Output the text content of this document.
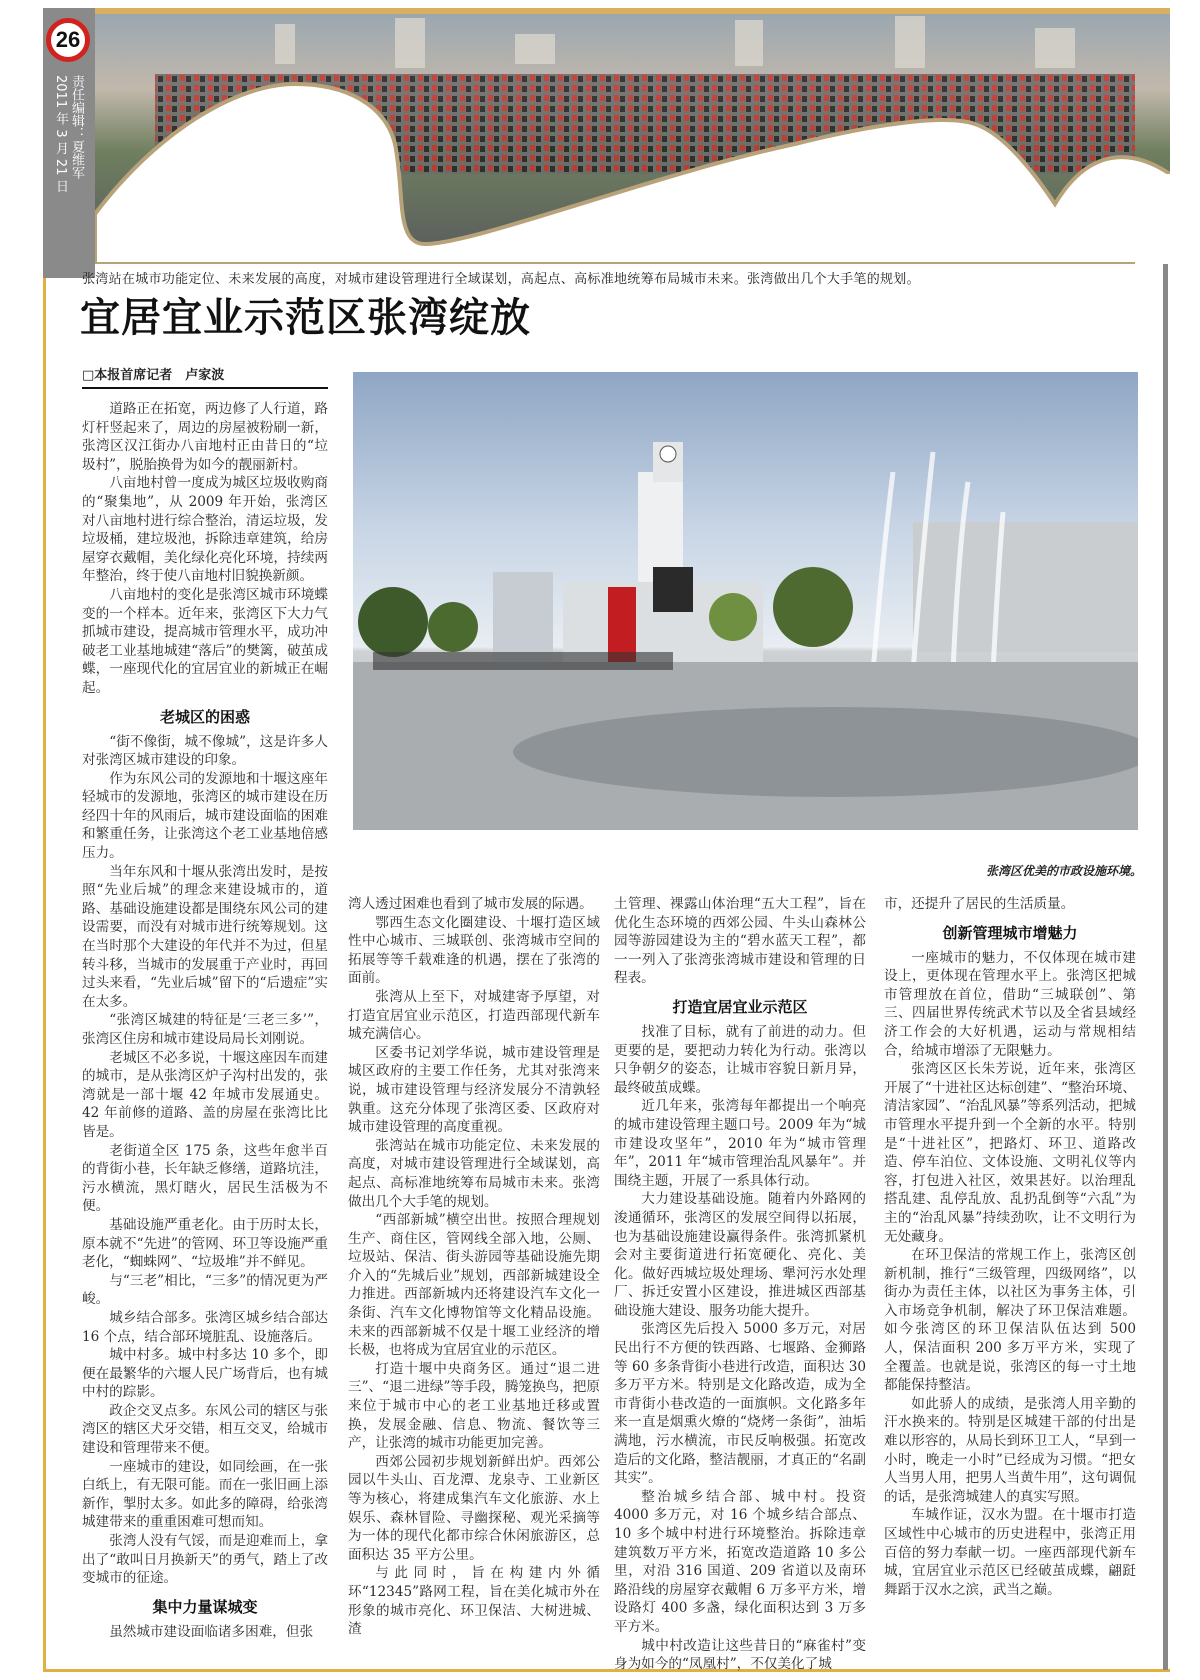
26
责任编辑：夏维军
2011 年 3 月 21 日
张湾站在城市功能定位、未来发展的高度，对城市建设管理进行全域谋划，高起点、高标准地统筹布局城市未来。张湾做出几个大手笔的规划。
宜居宜业示范区张湾绽放
□本报首席记者　卢家波
张湾区优美的市政设施环境。

道路正在拓宽，两边修了人行道，路灯杆竖起来了，周边的房屋被粉刷一新，张湾区汉江街办八亩地村正由昔日的“垃圾村”，脱胎换骨为如今的靓丽新村。

八亩地村曾一度成为城区垃圾收购商的“聚集地”，从 2009 年开始，张湾区对八亩地村进行综合整治，清运垃圾，发垃圾桶，建垃圾池，拆除违章建筑，给房屋穿衣戴帽，美化绿化亮化环境，持续两年整治，终于使八亩地村旧貌换新颜。

八亩地村的变化是张湾区城市环境蝶变的一个样本。近年来，张湾区下大力气抓城市建设，提高城市管理水平，成功冲破老工业基地城建“落后”的樊篱，破茧成蝶，一座现代化的宜居宜业的新城正在崛起。

老城区的困惑

“街不像街，城不像城”，这是许多人对张湾区城市建设的印象。

作为东风公司的发源地和十堰这座年轻城市的发源地，张湾区的城市建设在历经四十年的风雨后，城市建设面临的困难和繁重任务，让张湾这个老工业基地倍感压力。

当年东风和十堰从张湾出发时，是按照“先业后城”的理念来建设城市的，道路、基础设施建设都是围绕东风公司的建设需要，而没有对城市进行统筹规划。这在当时那个大建设的年代并不为过，但星转斗移，当城市的发展重于产业时，再回过头来看，“先业后城”留下的“后遗症”实在太多。

“张湾区城建的特征是‘三老三多’”，张湾区住房和城市建设局局长刘刚说。

老城区不必多说，十堰这座因车而建的城市，是从张湾区炉子沟村出发的，张湾就是一部十堰 42 年城市发展通史。42 年前修的道路、盖的房屋在张湾比比皆是。

老街道全区 175 条，这些年愈半百的背街小巷，长年缺乏修缮，道路坑洼，污水横流，黑灯瞎火，居民生活极为不便。

基础设施严重老化。由于历时太长，原本就不“先进”的管网、环卫等设施严重老化，“蜘蛛网”、“垃圾堆”并不鲜见。

与“三老”相比，“三多”的情况更为严峻。

城乡结合部多。张湾区城乡结合部达 16 个点，结合部环境脏乱、设施落后。

城中村多。城中村多达 10 多个，即便在最繁华的六堰人民广场背后，也有城中村的踪影。

政企交叉点多。东风公司的辖区与张湾区的辖区犬牙交错，相互交叉，给城市建设和管理带来不便。

一座城市的建设，如同绘画，在一张白纸上，有无限可能。而在一张旧画上添新作，掣肘太多。如此多的障碍，给张湾城建带来的重重困难可想而知。

张湾人没有气馁，而是迎难而上，拿出了“敢叫日月换新天”的勇气，踏上了改变城市的征途。

集中力量谋城变

虽然城市建设面临诸多困难，但张

湾人透过困难也看到了城市发展的际遇。

鄂西生态文化圈建设、十堰打造区域性中心城市、三城联创、张湾城市空间的拓展等等千载难逢的机遇，摆在了张湾的面前。

张湾从上至下，对城建寄予厚望，对打造宜居宜业示范区，打造西部现代新车城充满信心。

区委书记刘学华说，城市建设管理是城区政府的主要工作任务，尤其对张湾来说，城市建设管理与经济发展分不清孰轻孰重。这充分体现了张湾区委、区政府对城市建设管理的高度重视。

张湾站在城市功能定位、未来发展的高度，对城市建设管理进行全域谋划，高起点、高标准地统筹布局城市未来。张湾做出几个大手笔的规划。

“西部新城”横空出世。按照合理规划生产、商住区，管网线全部入地，公厕、垃圾站、保洁、街头游园等基础设施先期介入的“先城后业”规划，西部新城建设全力推进。西部新城内还将建设汽车文化一条街、汽车文化博物馆等文化精品设施。未来的西部新城不仅是十堰工业经济的增长极，也将成为宜居宜业的示范区。

打造十堰中央商务区。通过“退二进三”、“退二进绿”等手段，腾笼换鸟，把原来位于城市中心的老工业基地迁移或置换，发展金融、信息、物流、餐饮等三产，让张湾的城市功能更加完善。

西郊公园初步规划新鲜出炉。西郊公园以牛头山、百龙潭、龙泉寺、工业新区等为核心，将建成集汽车文化旅游、水上娱乐、森林冒险、寻幽探秘、观光采摘等为一体的现代化都市综合休闲旅游区，总面积达 35 平方公里。

与此同时，旨在构建内外循环“12345”路网工程，旨在美化城市外在形象的城市亮化、环卫保洁、大树进城、渣

土管理、裸露山体治理“五大工程”，旨在优化生态环境的西郊公园、牛头山森林公园等游园建设为主的“碧水蓝天工程”，都一一列入了张湾张湾城市建设和管理的日程表。

打造宜居宜业示范区

找准了目标，就有了前进的动力。但更要的是，要把动力转化为行动。张湾以只争朝夕的姿态，让城市容貌日新月异，最终破茧成蝶。

近几年来，张湾每年都提出一个响亮的城市建设管理主题口号。2009 年为“城市建设攻坚年”，2010 年为“城市管理年”，2011 年“城市管理治乱风暴年”。并围绕主题，开展了一系具体行动。

大力建设基础设施。随着内外路网的浚通循环，张湾区的发展空间得以拓展，也为基础设施建设赢得条件。张湾抓紧机会对主要街道进行拓宽硬化、亮化、美化。做好西城垃圾处理场、犟河污水处理厂、拆迁安置小区建设，推进城区西部基础设施大建设、服务功能大提升。

张湾区先后投入 5000 多万元，对居民出行不方便的铁西路、七堰路、金狮路等 60 多条背街小巷进行改造，面积达 30 多万平方米。特别是文化路改造，成为全市背街小巷改造的一面旗帜。文化路多年来一直是烟熏火燎的“烧烤一条街”，油垢满地，污水横流，市民反响极强。拓宽改造后的文化路，整洁靓丽，才真正的“名副其实”。

整治城乡结合部、城中村。投资 4000 多万元，对 16 个城乡结合部点、10 多个城中村进行环境整治。拆除违章建筑数万平方米，拓宽改造道路 10 多公里，对沿 316 国道、209 省道以及南环路沿线的房屋穿衣戴帽 6 万多平方米，增设路灯 400 多盏，绿化面积达到 3 万多平方米。

城中村改造让这些昔日的“麻雀村”变身为如今的“凤凰村”，不仅美化了城

市，还提升了居民的生活质量。

创新管理城市增魅力

一座城市的魅力，不仅体现在城市建设上，更体现在管理水平上。张湾区把城市管理放在首位，借助“三城联创”、第三、四届世界传统武术节以及全省县域经济工作会的大好机遇，运动与常规相结合，给城市增添了无限魅力。

张湾区区长朱芳说，近年来，张湾区开展了“十进社区达标创建”、“整治环境、清洁家园”、“治乱风暴”等系列活动，把城市管理水平提升到一个全新的水平。特别是“十进社区”，把路灯、环卫、道路改造、停车泊位、文体设施、文明礼仪等内容，打包进入社区，效果甚好。以治理乱搭乱建、乱停乱放、乱扔乱倒等“六乱”为主的“治乱风暴”持续劲吹，让不文明行为无处藏身。

在环卫保洁的常规工作上，张湾区创新机制，推行“三级管理，四级网络”，以街办为责任主体，以社区为事务主体，引入市场竞争机制，解决了环卫保洁难题。如今张湾区的环卫保洁队伍达到 500 人，保洁面积 200 多万平方米，实现了全覆盖。也就是说，张湾区的每一寸土地都能保持整洁。

如此骄人的成绩，是张湾人用辛勤的汗水换来的。特别是区城建干部的付出是难以形容的，从局长到环卫工人，“早到一小时，晚走一小时”已经成为习惯。“把女人当男人用，把男人当黄牛用”，这句调侃的话，是张湾城建人的真实写照。

车城作证，汉水为盟。在十堰市打造区域性中心城市的历史进程中，张湾正用百倍的努力奉献一切。一座西部现代新车城，宜居宜业示范区已经破茧成蝶，翩跹舞蹈于汉水之滨，武当之巅。
